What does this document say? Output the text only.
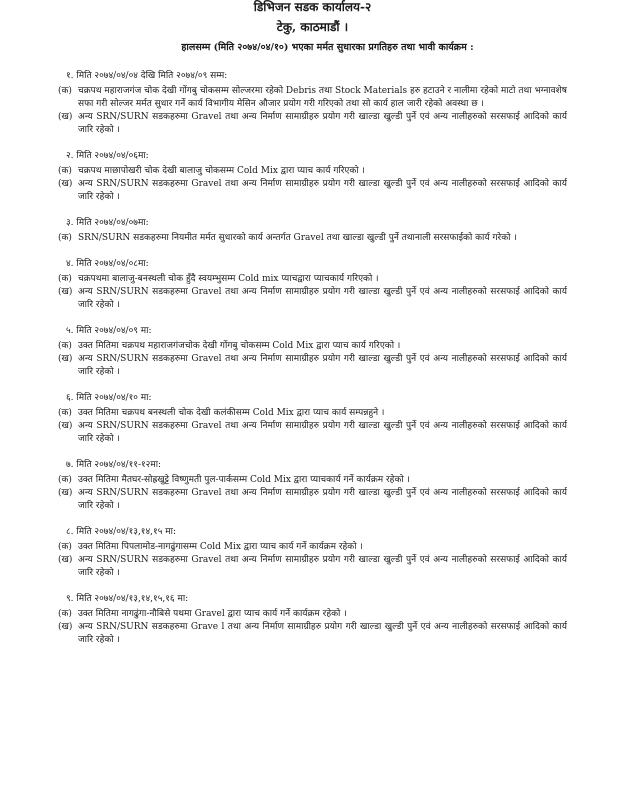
डिभिजन सडक कार्यालय-२
टेकु, काठमाडौं ।
हालसम्म (मिति २०७४/०४/१०) भएका मर्मत सुधारका प्रगतिहरु तथा भावी कार्यक्रम :
१. मिति २०७४/०४/०४ देखि मिति २०७४/०९ सम्म:
(क) चक्रपथ महाराजगंज चोक देखी गोंगबु चोकसम्म सोल्जरमा रहेको Debris तथा Stock Materials हरु हटाउने र नालीमा रहेको माटो तथा भग्नावशेष सफा गरी सोल्जर मर्मत सुधार गर्ने कार्य विभागीय मेसिन औजार प्रयोग गरी गरिएको तथा सो कार्य हाल जारी रहेको अवस्था छ ।
(ख) अन्य SRN/SURN सडकहरुमा Gravel तथा अन्य निर्माण सामाग्रीहरु प्रयोग गरी खाल्डा खुल्डी पुर्ने एवं अन्य नालीहरुको सरसफाई आदिको कार्य जारि रहेको ।
२. मिति २०७४/०४/०६मा:
(क) चक्रपथ माछापोखरी चोक देखी बालाजु चोकसम्म Cold Mix द्वारा प्याच कार्य गरिएको ।
(ख) अन्य SRN/SURN सडकहरुमा Gravel तथा अन्य निर्माण सामाग्रीहरु प्रयोग गरी खाल्डा खुल्डी पुर्ने एवं अन्य नालीहरुको सरसफाई आदिको कार्य जारि रहेको ।
३. मिति २०७४/०४/०७मा:
(क) SRN/SURN सडकहरुमा नियमीत मर्मत सुधारको कार्य अन्तर्गत Gravel तथा खाल्डा खुल्डी पुर्ने तथानाली सरसफाईको कार्य गरेको ।
४. मिति २०७४/०४/०८मा:
(क) चक्रपथमा बालाजु-बनस्थली चोक हुँदै स्वयम्भुसम्म Cold mix प्याचद्वारा प्याचकार्य गरिएको ।
(ख) अन्य SRN/SURN सडकहरुमा Gravel तथा अन्य निर्माण सामाग्रीहरु प्रयोग गरी खाल्डा खुल्डी पुर्ने एवं अन्य नालीहरुको सरसफाई आदिको कार्य जारि रहेको ।
५. मिति २०७४/०४/०९ मा:
(क) उक्त मितिमा चक्रपथ महाराजगंजचोक देखी गोंगबु चोकसम्म Cold Mix द्वारा प्याच कार्य गरिएको ।
(ख) अन्य SRN/SURN सडकहरुमा Gravel तथा अन्य निर्माण सामाग्रीहरु प्रयोग गरी खाल्डा खुल्डी पुर्ने एवं अन्य नालीहरुको सरसफाई आदिको कार्य जारि रहेको ।
६. मिति २०७४/०४/१० मा:
(क) उक्त मितिमा चक्रपथ बनस्थली चोक देखी कलंकीसम्म Cold Mix द्वारा प्याच कार्य सम्पन्नहुने ।
(ख) अन्य SRN/SURN सडकहरुमा Gravel तथा अन्य निर्माण सामाग्रीहरु प्रयोग गरी खाल्डा खुल्डी पुर्ने एवं अन्य नालीहरुको सरसफाई आदिको कार्य जारि रहेको ।
७. मिति २०७४/०४/११-१२मा:
(क) उक्त मितिमा मैतघर-सोह्रखुट्टे विष्णुमती पुल-पार्कसम्म Cold Mix द्वारा प्याचकार्य गर्ने कार्यक्रम रहेको ।
(ख) अन्य SRN/SURN सडकहरुमा Gravel तथा अन्य निर्माण सामाग्रीहरु प्रयोग गरी खाल्डा खुल्डी पुर्ने एवं अन्य नालीहरुको सरसफाई आदिको कार्य जारि रहेको ।
८. मिति २०७४/०४/१३,१४,१५ मा:
(क) उक्त मितिमा पिपलामोड-नागढुंगासम्म Cold Mix द्वारा प्याच कार्य गर्ने कार्यक्रम रहेको ।
(ख) अन्य SRN/SURN सडकहरुमा Gravel तथा अन्य निर्माण सामाग्रीहरु प्रयोग गरी खाल्डा खुल्डी पुर्ने एवं अन्य नालीहरुको सरसफाई आदिको कार्य जारि रहेको ।
९. मिति २०७४/०४/१३,१४,१५,१६ मा:
(क) उक्त मितिमा नागढुंगा-नौबिसे पथमा Gravel द्वारा प्याच कार्य गर्ने कार्यक्रम रहेको ।
(ख) अन्य SRN/SURN सडकहरुमा Grave l तथा अन्य निर्माण सामाग्रीहरु प्रयोग गरी खाल्डा खुल्डी पुर्ने एवं अन्य नालीहरुको सरसफाई आदिको कार्य जारि रहेको ।
